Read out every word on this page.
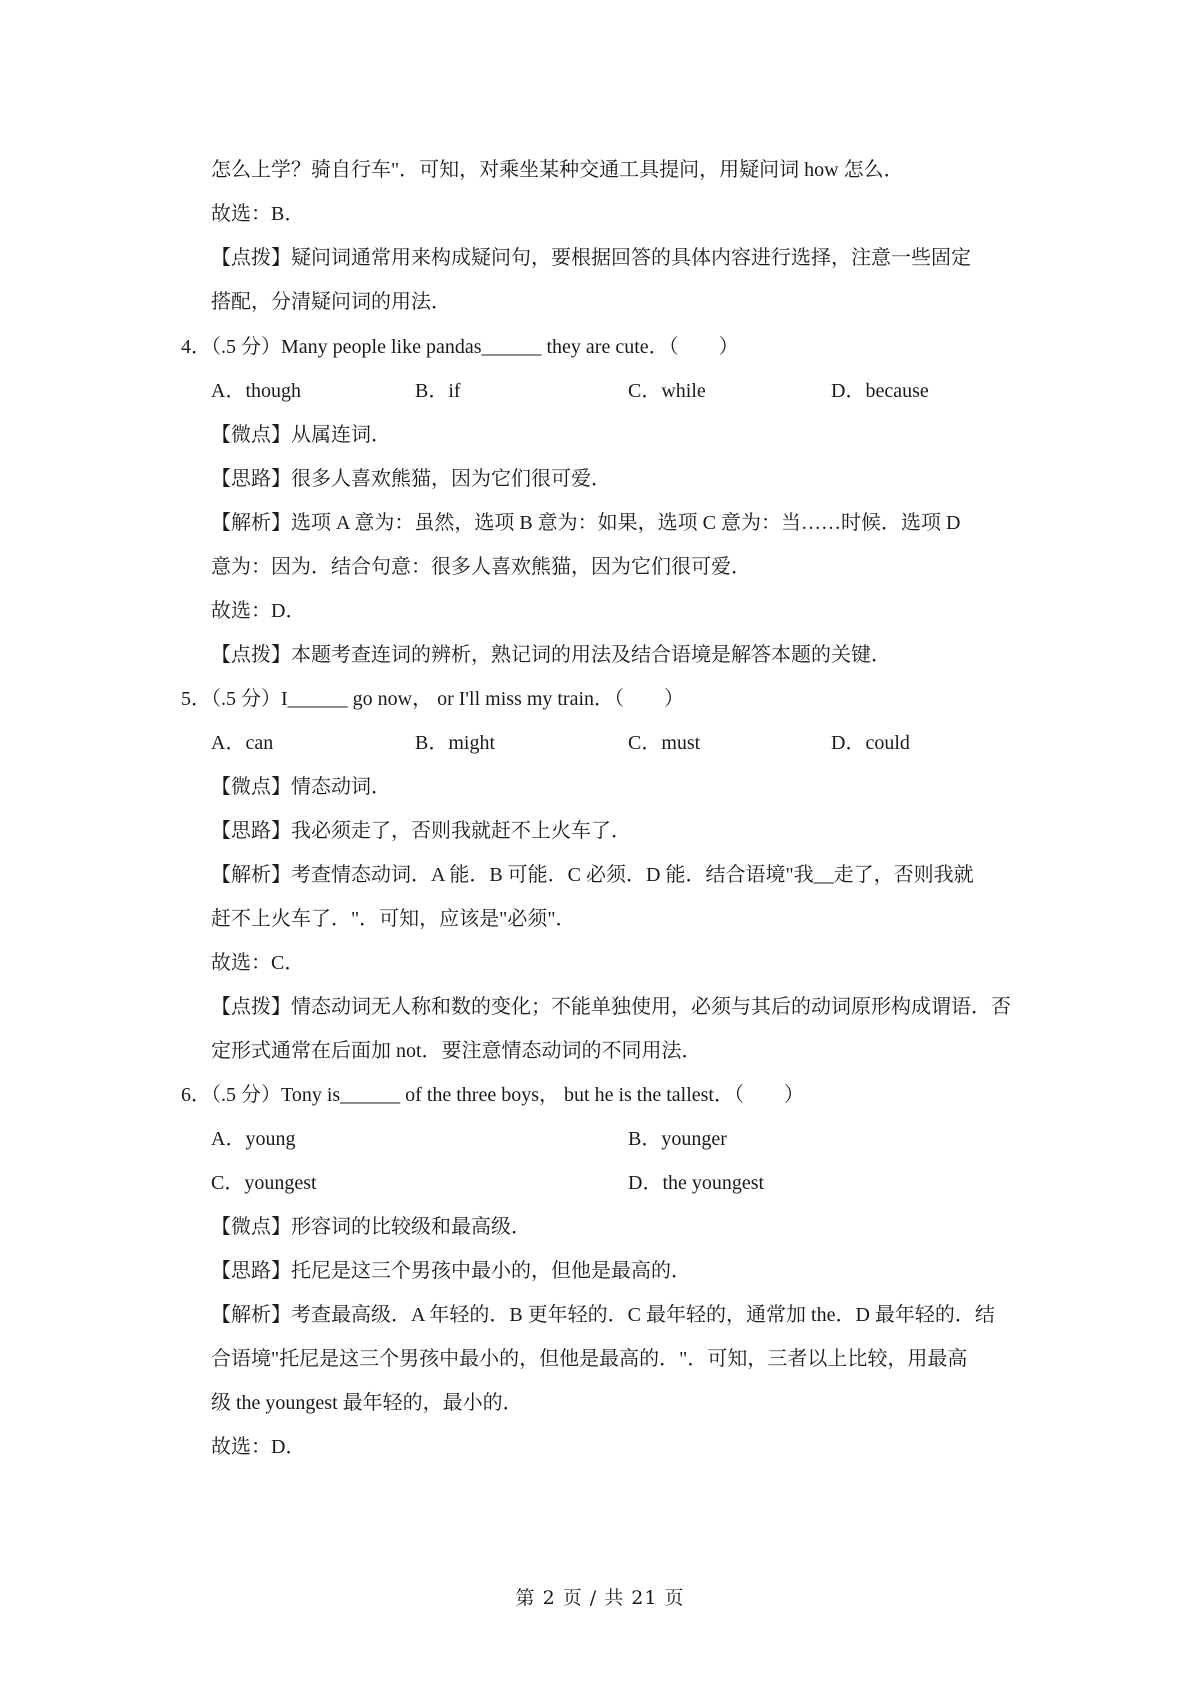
怎么上学？骑自行车"．可知，对乘坐某种交通工具提问，用疑问词 how 怎么．
故选：B．
【点拨】疑问词通常用来构成疑问句，要根据回答的具体内容进行选择，注意一些固定
搭配，分清疑问词的用法．
4．（.5 分）Many people like pandas______ they are cute．（　　）
A．though	B．if	C．while	D．because
【微点】从属连词．
【思路】很多人喜欢熊猫，因为它们很可爱．
【解析】选项 A 意为：虽然，选项 B 意为：如果，选项 C 意为：当……时候．选项 D
意为：因为．结合句意：很多人喜欢熊猫，因为它们很可爱．
故选：D．
【点拨】本题考查连词的辨析，熟记词的用法及结合语境是解答本题的关键．
5．（.5 分）I______ go now， or I'll miss my train．（　　）
A．can	B．might	C．must	D．could
【微点】情态动词．
【思路】我必须走了，否则我就赶不上火车了．
【解析】考查情态动词．A 能．B 可能．C 必须．D 能．结合语境"我__走了，否则我就
赶不上火车了．"．可知，应该是"必须"．
故选：C．
【点拨】情态动词无人称和数的变化；不能单独使用，必须与其后的动词原形构成谓语．否
定形式通常在后面加 not．要注意情态动词的不同用法．
6．（.5 分）Tony is______ of the three boys， but he is the tallest．（　　）
A．young	B．younger
C．youngest	D．the youngest
【微点】形容词的比较级和最高级．
【思路】托尼是这三个男孩中最小的，但他是最高的．
【解析】考查最高级．A 年轻的．B 更年轻的．C 最年轻的，通常加 the．D 最年轻的．结
合语境"托尼是这三个男孩中最小的，但他是最高的．"．可知，三者以上比较，用最高
级 the youngest 最年轻的，最小的．
故选：D．
第 2 页 / 共 21 页
